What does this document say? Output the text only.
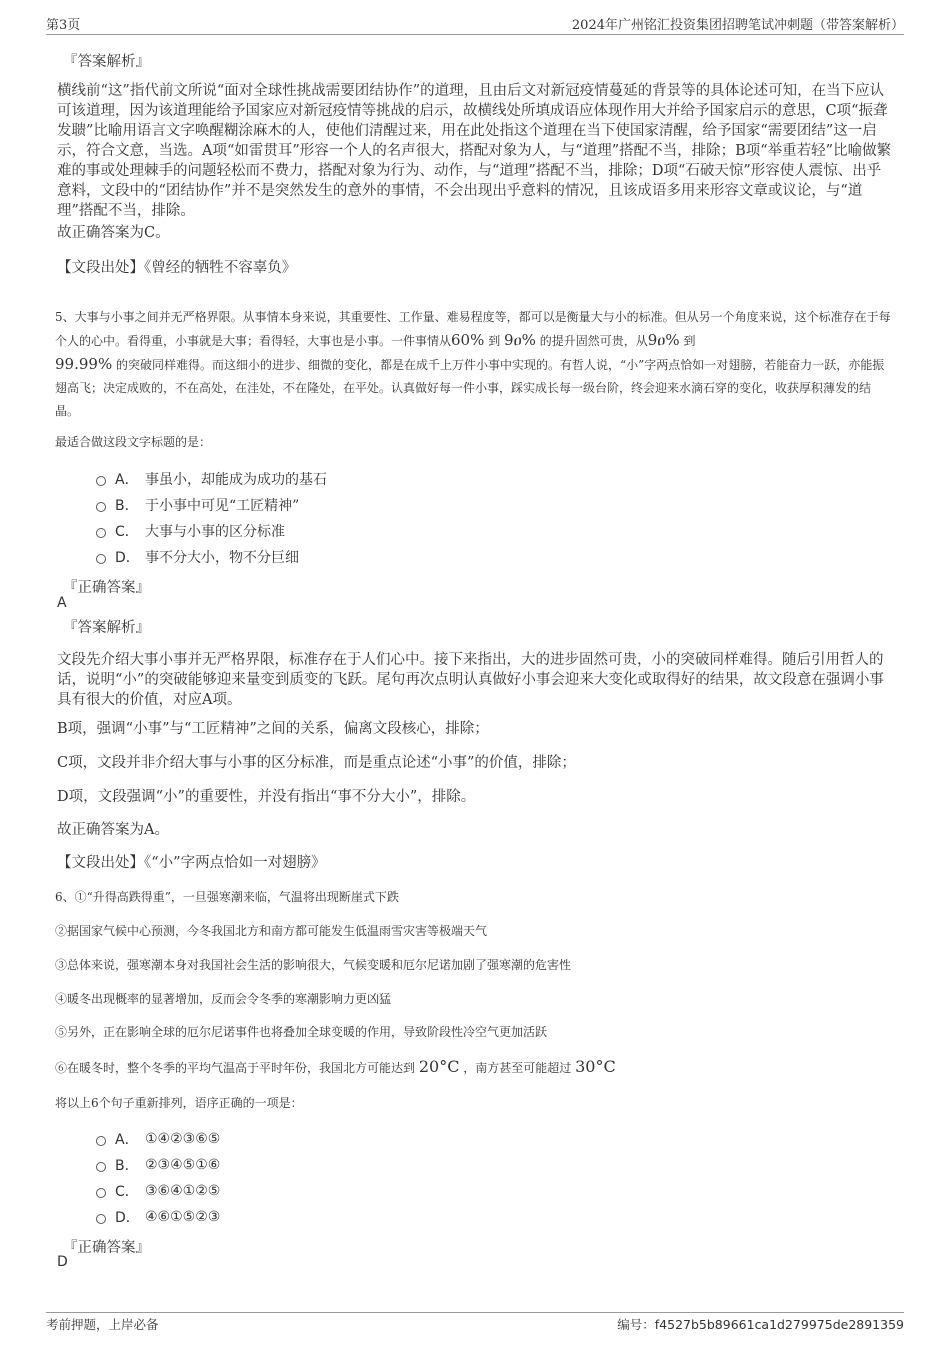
第3页	2024年广州铭汇投资集团招聘笔试冲刺题（带答案解析）
『答案解析』
横线前“这”指代前文所说“面对全球性挑战需要团结协作”的道理，且由后文对新冠疫情蔓延的背景等的具体论述可知，在当下应认可该道理，因为该道理能给予国家应对新冠疫情等挑战的启示，故横线处所填成语应体现作用大并给予国家启示的意思，C项“振聋发聩”比喻用语言文字唤醒糊涂麻木的人，使他们清醒过来，用在此处指这个道理在当下使国家清醒，给予国家“需要团结”这一启示，符合文意，当选。A项“如雷贯耳”形容一个人的名声很大，搭配对象为人，与“道理”搭配不当，排除；B项“举重若轻”比喻做繁难的事或处理棘手的问题轻松而不费力，搭配对象为行为、动作，与“道理”搭配不当，排除；D项“石破天惊”形容使人震惊、出乎意料，文段中的“团结协作”并不是突然发生的意外的事情，不会出现出乎意料的情况，且该成语多用来形容文章或议论，与“道理”搭配不当，排除。
故正确答案为C。
【文段出处】《曾经的牺牲不容辜负》
5、大事与小事之间并无严格界限。从事情本身来说，其重要性、工作量、难易程度等，都可以是衡量大与小的标准。但从另一个角度来说，这个标准存在于每个人的心中。看得重，小事就是大事；看得轻，大事也是小事。一件事情从60% 到 9ዐ% 的提升固然可贵，从9ዐ% 到
99.99% 的突破同样难得。而这细小的进步、细微的变化，都是在成千上万件小事中实现的。有哲人说，“小”字两点恰如一对翅膀，若能奋力一跃，亦能振翅高飞；决定成败的，不在高处，在洼处，不在隆处，在平处。认真做好每一件小事，踩实成长每一级台阶，终会迎来水滴石穿的变化，收获厚积薄发的结晶。
最适合做这段文字标题的是：
A． 事虽小，却能成为成功的基石
B． 于小事中可见“工匠精神”
C． 大事与小事的区分标准
D． 事不分大小，物不分巨细
『正确答案』
A
『答案解析』
文段先介绍大事小事并无严格界限，标准存在于人们心中。接下来指出，大的进步固然可贵，小的突破同样难得。随后引用哲人的话，说明“小”的突破能够迎来量变到质变的飞跃。尾句再次点明认真做好小事会迎来大变化或取得好的结果，故文段意在强调小事具有很大的价值，对应A项。
B项，强调“小事”与“工匠精神”之间的关系，偏离文段核心，排除；
C项，文段并非介绍大事与小事的区分标准，而是重点论述“小事”的价值，排除；
D项，文段强调“小”的重要性，并没有指出“事不分大小”，排除。
故正确答案为A。
【文段出处】《“小”字两点恰如一对翅膀》
6、①“升得高跌得重”，一旦强寒潮来临，气温将出现断崖式下跌
②据国家气候中心预测，今冬我国北方和南方都可能发生低温雨雪灾害等极端天气
③总体来说，强寒潮本身对我国社会生活的影响很大，气候变暖和厄尔尼诺加剧了强寒潮的危害性
④暖冬出现概率的显著增加，反而会令冬季的寒潮影响力更凶猛
⑤另外，正在影响全球的厄尔尼诺事件也将叠加全球变暖的作用，导致阶段性冷空气更加活跃
⑥在暖冬时，整个冬季的平均气温高于平时年份，我国北方可能达到 20°C ，南方甚至可能超过 30°C
将以上6个句子重新排列，语序正确的一项是：
A． ①④②③⑥⑤
B． ②③④⑤①⑥
C． ③⑥④①②⑤
D． ④⑥①⑤②③
『正确答案』
D
考前押题，上岸必备	编号：f4527b5b89661ca1d279975de2891359
